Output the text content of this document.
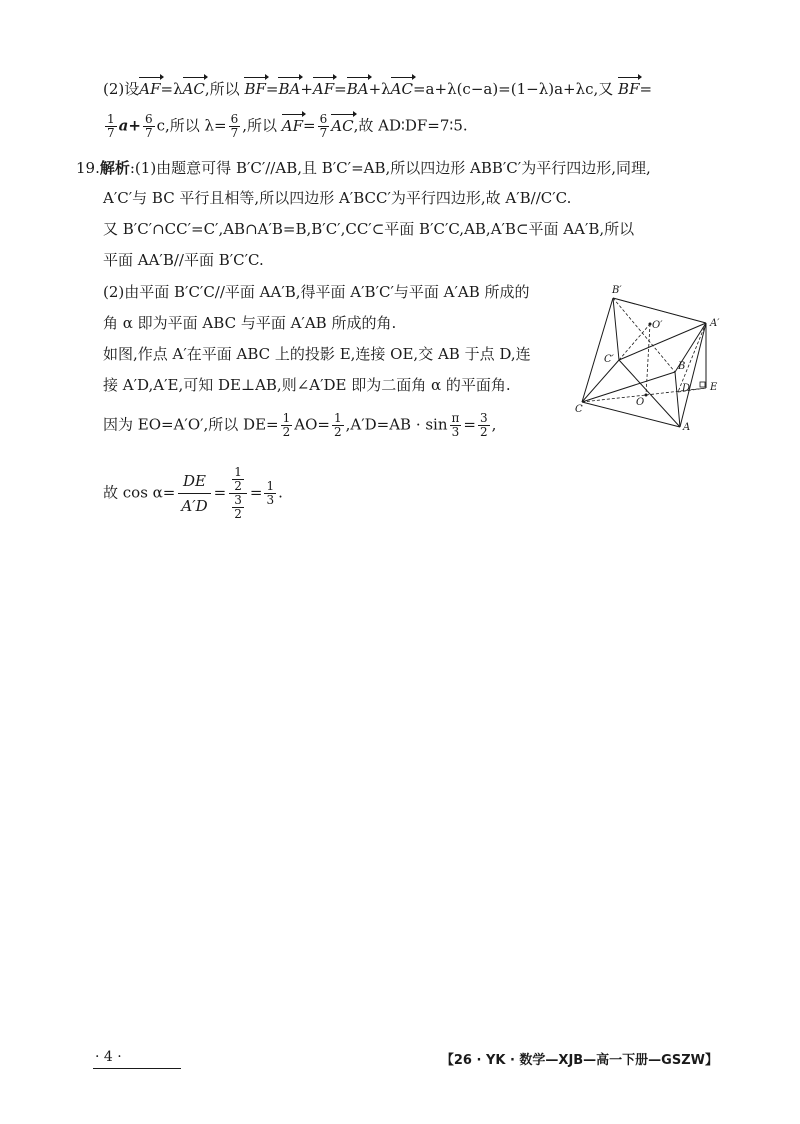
(2)设AF=λAC,所以 BF=BA+AF=BA+λAC=a+λ(c−a)=(1−λ)a+λc,又 BF=
$\frac{1}{7} a+ \frac{6}{7} c$,所以 $\lambda= \frac{6}{7}$ ,所以 $AF= \frac{6}{7}$ AC,故 AD∶DF=7∶5.
19.解析:(1)由题意可得 B′C′//AB,且 B′C′=AB,所以四边形 ABB′C′为平行四边形,同理,
A′C′与 BC 平行且相等,所以四边形 A′BCC′为平行四边形,故 A′B//C′C.
又 B′C′∩CC′=C′,AB∩A′B=B,B′C′,CC′⊂平面 B′C′C,AB,A′B⊂平面 AA′B,所以
平面 AA′B//平面 B′C′C.
(2)由平面 B′C′C//平面 AA′B,得平面 A′B′C′与平面 A′AB 所成的
角 α 即为平面 ABC 与平面 A′AB 所成的角.
如图,作点 A′在平面 ABC 上的投影 E,连接 OE,交 AB 于点 D,连
接 A′D,A′E,可知 DE⊥AB,则∠A′DE 即为二面角 α 的平面角.
因为 EO=A′O′,所以 $DE= \frac{1}{2} AO= \frac{1}{2} ,A'D=AB \cdot \sin \frac{\pi}{3} = \frac{3}{2}$ ,
故 $\cos \alpha= \frac{DE}{A'D} = \frac{\frac{1}{2}}{\frac{3}{2}} = \frac{1}{3}$ .
B′
A′
O′
C′
B
D E
O
C
A
· 4 ·	【26 · YK · 数学—XJB—高一下册—GSZW】
